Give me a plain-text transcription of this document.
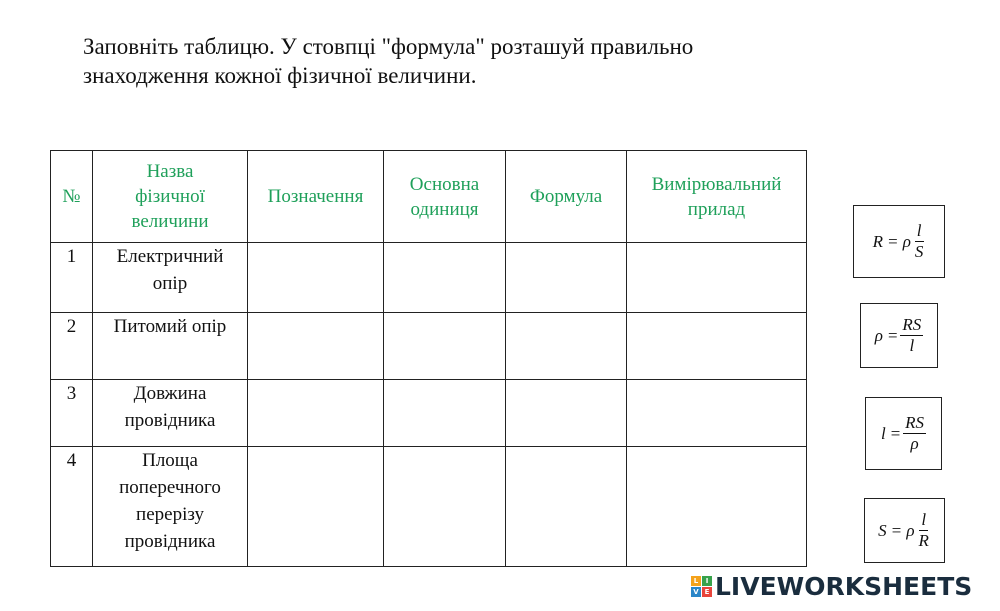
Заповніть таблицю. У стовпці "формула" розташуй правильно
знаходження кожної фізичної величини.
№	Назва фізичної величини	Позначення	Основна одиниця	Формула	Вимірювальний прилад

1	Електричний опір				

2	Питомий опір				
3	Довжина провідника				

4	Площа поперечного перерізу провідника				

R = ρ $\frac{l}{S}$
$\rho = \frac{RS}{l}$
$l = \frac{RS}{\rho}$
S = ρ $\frac{l}{R}$
L	I
V E LIVEWORKSHEETS
